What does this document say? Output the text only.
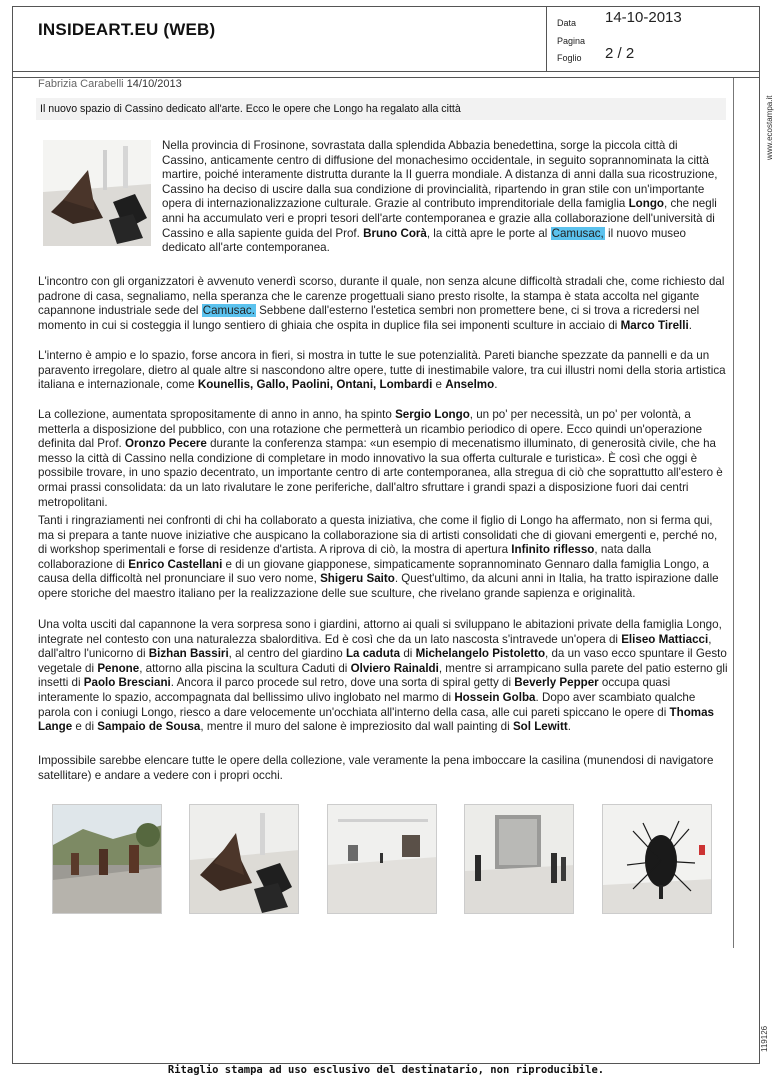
INSIDEART.EU (WEB)	Data 14-10-2013
Pagina
Foglio 2 / 2
www.ecostampa.it
119126
Fabrizia Carabelli 14/10/2013
Il nuovo spazio di Cassino dedicato all'arte. Ecco le opere che Longo ha regalato alla città
Nella provincia di Frosinone, sovrastata dalla splendida Abbazia benedettina, sorge la piccola città di Cassino, anticamente centro di diffusione del monachesimo occidentale, in seguito soprannominata la città martire, poiché interamente distrutta durante la II guerra mondiale. A distanza di anni dalla sua ricostruzione, Cassino ha deciso di uscire dalla sua condizione di provincialità, ripartendo in gran stile con un'importante opera di internazionalizzazione culturale. Grazie al contributo imprenditoriale della famiglia Longo, che negli anni ha accumulato veri e propri tesori dell'arte contemporanea e grazie alla collaborazione dell'università di Cassino e alla sapiente guida del Prof. Bruno Corà, la città apre le porte al Camusac, il nuovo museo dedicato all'arte contemporanea.
L'incontro con gli organizzatori è avvenuto venerdì scorso, durante il quale, non senza alcune difficoltà stradali che, come richiesto dal padrone di casa, segnaliamo, nella speranza che le carenze progettuali siano presto risolte, la stampa è stata accolta nel gigante capannone industriale sede del Camusac. Sebbene dall'esterno l'estetica sembri non promettere bene, ci si trova a ricredersi nel momento in cui si costeggia il lungo sentiero di ghiaia che ospita in duplice fila sei imponenti sculture in acciaio di Marco Tirelli.
L'interno è ampio e lo spazio, forse ancora in fieri, si mostra in tutte le sue potenzialità. Pareti bianche spezzate da pannelli e da un paravento irregolare, dietro al quale altre si nascondono altre opere, tutte di inestimabile valore, tra cui illustri nomi della storia artistica italiana e internazionale, come Kounellis, Gallo, Paolini, Ontani, Lombardi e Anselmo.
La collezione, aumentata spropositamente di anno in anno, ha spinto Sergio Longo, un po' per necessità, un po' per volontà, a metterla a disposizione del pubblico, con una rotazione che permetterà un ricambio periodico di opere. Ecco quindi un'operazione definita dal Prof. Oronzo Pecere durante la conferenza stampa: «un esempio di mecenatismo illuminato, di generosità civile, che ha messo la città di Cassino nella condizione di completare in modo innovativo la sua offerta culturale e turistica». È così che oggi è possibile trovare, in uno spazio decentrato, un importante centro di arte contemporanea, alla stregua di ciò che soprattutto all'estero è ormai prassi consolidata: da un lato rivalutare le zone periferiche, dall'altro sfruttare i grandi spazi a disposizione fuori dai centri metropolitani.
Tanti i ringraziamenti nei confronti di chi ha collaborato a questa iniziativa, che come il figlio di Longo ha affermato, non si ferma qui, ma si prepara a tante nuove iniziative che auspicano la collaborazione sia di artisti consolidati che di giovani emergenti e, perché no, di workshop sperimentali e forse di residenze d'artista. A riprova di ciò, la mostra di apertura Infinito riflesso, nata dalla collaborazione di Enrico Castellani e di un giovane giapponese, simpaticamente soprannominato Gennaro dalla famiglia Longo, a causa della difficoltà nel pronunciare il suo vero nome, Shigeru Saito. Quest'ultimo, da alcuni anni in Italia, ha tratto ispirazione dalle opere storiche del maestro italiano per la realizzazione delle sue sculture, che rivelano grande sapienza e originalità.
Una volta usciti dal capannone la vera sorpresa sono i giardini, attorno ai quali si sviluppano le abitazioni private della famiglia Longo, integrate nel contesto con una naturalezza sbalorditiva. Ed è così che da un lato nascosta s'intravede un'opera di Eliseo Mattiacci, dall'altro l'unicorno di Bizhan Bassiri, al centro del giardino La caduta di Michelangelo Pistoletto, da un vaso ecco spuntare il Gesto vegetale di Penone, attorno alla piscina la scultura Caduti di Olviero Rainaldi, mentre si arrampicano sulla parete del patio esterno gli insetti di Paolo Bresciani. Ancora il parco procede sul retro, dove una sorta di spiral getty di Beverly Pepper occupa quasi interamente lo spazio, accompagnata dal bellissimo ulivo inglobato nel marmo di Hossein Golba. Dopo aver scambiato qualche parola con i coniugi Longo, riesco a dare velocemente un'occhiata all'interno della casa, alle cui pareti spiccano le opere di Thomas Lange e di Sampaio de Sousa, mentre il muro del salone è impreziosito dal wall painting di Sol Lewitt.
Impossibile sarebbe elencare tutte le opere della collezione, vale veramente la pena imboccare la casilina (munendosi di navigatore satellitare) e andare a vedere con i propri occhi.
Ritaglio stampa ad uso esclusivo del destinatario, non riproducibile.
